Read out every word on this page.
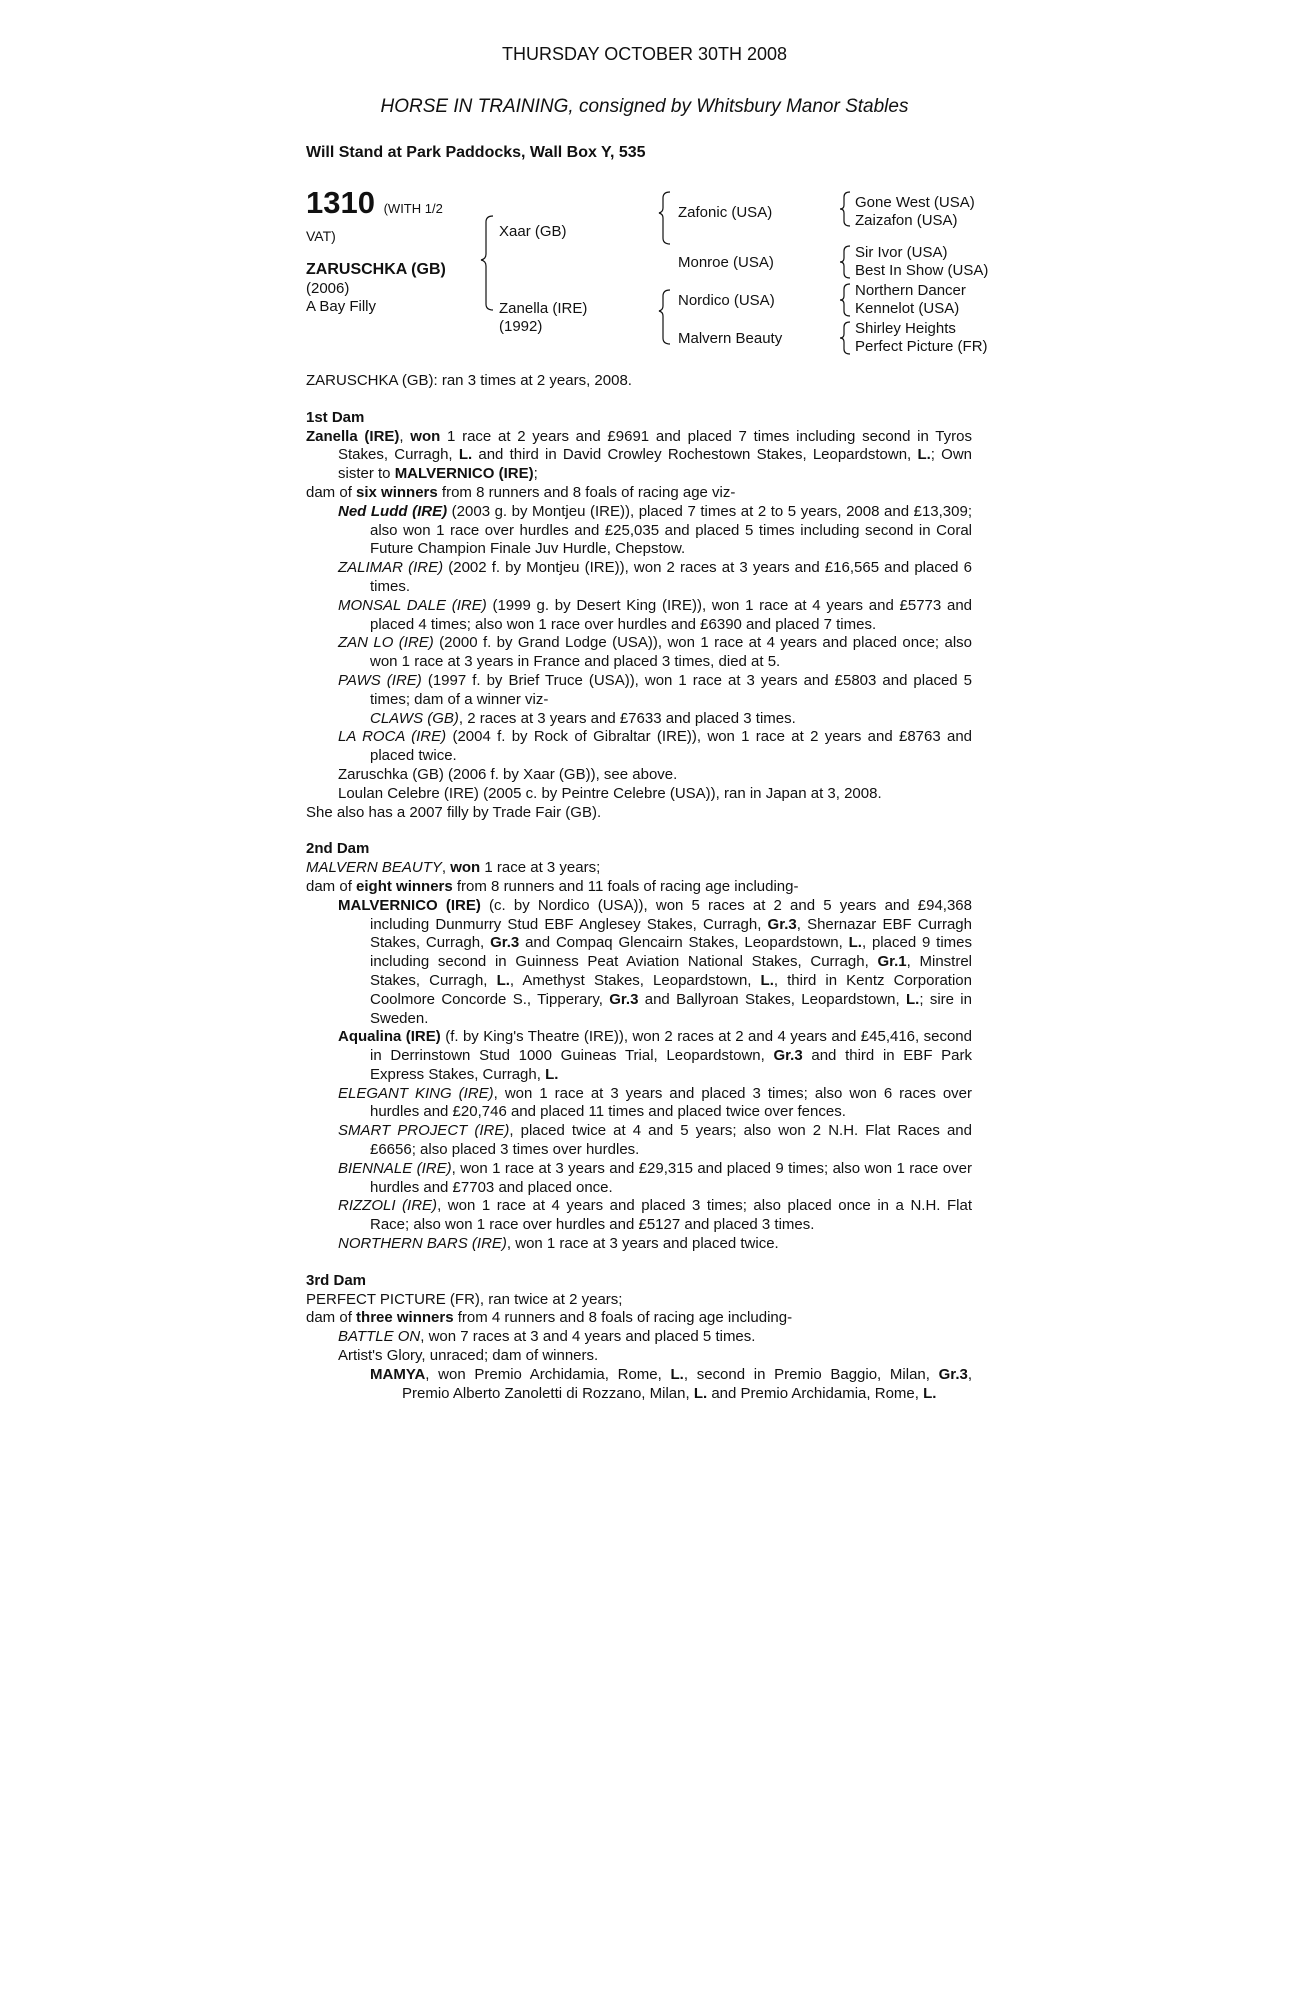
THURSDAY OCTOBER 30TH 2008
HORSE IN TRAINING, consigned by Whitsbury Manor Stables
Will Stand at Park Paddocks, Wall Box Y, 535
1310 (WITH 1/2
VAT)
ZARUSCHKA (GB)
(2006)
A Bay Filly
Xaar (GB)
Zanella (IRE)
(1992)
Zafonic (USA)
Monroe (USA)
Nordico (USA)
Malvern Beauty
Gone West (USA)
Zaizafon (USA)
Sir Ivor (USA)
Best In Show (USA)
Northern Dancer
Kennelot (USA)
Shirley Heights
Perfect Picture (FR)
ZARUSCHKA (GB): ran 3 times at 2 years, 2008.
1st Dam
Zanella (IRE), won 1 race at 2 years and £9691 and placed 7 times including second in Tyros Stakes, Curragh, L. and third in David Crowley Rochestown Stakes, Leopardstown, L.; Own sister to MALVERNICO (IRE);
dam of six winners from 8 runners and 8 foals of racing age viz-
Ned Ludd (IRE) (2003 g. by Montjeu (IRE)), placed 7 times at 2 to 5 years, 2008 and £13,309; also won 1 race over hurdles and £25,035 and placed 5 times including second in Coral Future Champion Finale Juv Hurdle, Chepstow.
ZALIMAR (IRE) (2002 f. by Montjeu (IRE)), won 2 races at 3 years and £16,565 and placed 6 times.
MONSAL DALE (IRE) (1999 g. by Desert King (IRE)), won 1 race at 4 years and £5773 and placed 4 times; also won 1 race over hurdles and £6390 and placed 7 times.
ZAN LO (IRE) (2000 f. by Grand Lodge (USA)), won 1 race at 4 years and placed once; also won 1 race at 3 years in France and placed 3 times, died at 5.
PAWS (IRE) (1997 f. by Brief Truce (USA)), won 1 race at 3 years and £5803 and placed 5 times; dam of a winner viz-
CLAWS (GB), 2 races at 3 years and £7633 and placed 3 times.
LA ROCA (IRE) (2004 f. by Rock of Gibraltar (IRE)), won 1 race at 2 years and £8763 and placed twice.
Zaruschka (GB) (2006 f. by Xaar (GB)), see above.
Loulan Celebre (IRE) (2005 c. by Peintre Celebre (USA)), ran in Japan at 3, 2008.
She also has a 2007 filly by Trade Fair (GB).
2nd Dam
MALVERN BEAUTY, won 1 race at 3 years;
dam of eight winners from 8 runners and 11 foals of racing age including-
MALVERNICO (IRE) (c. by Nordico (USA)), won 5 races at 2 and 5 years and £94,368 including Dunmurry Stud EBF Anglesey Stakes, Curragh, Gr.3, Shernazar EBF Curragh Stakes, Curragh, Gr.3 and Compaq Glencairn Stakes, Leopardstown, L., placed 9 times including second in Guinness Peat Aviation National Stakes, Curragh, Gr.1, Minstrel Stakes, Curragh, L., Amethyst Stakes, Leopardstown, L., third in Kentz Corporation Coolmore Concorde S., Tipperary, Gr.3 and Ballyroan Stakes, Leopardstown, L.; sire in Sweden.
Aqualina (IRE) (f. by King's Theatre (IRE)), won 2 races at 2 and 4 years and £45,416, second in Derrinstown Stud 1000 Guineas Trial, Leopardstown, Gr.3 and third in EBF Park Express Stakes, Curragh, L.
ELEGANT KING (IRE), won 1 race at 3 years and placed 3 times; also won 6 races over hurdles and £20,746 and placed 11 times and placed twice over fences.
SMART PROJECT (IRE), placed twice at 4 and 5 years; also won 2 N.H. Flat Races and £6656; also placed 3 times over hurdles.
BIENNALE (IRE), won 1 race at 3 years and £29,315 and placed 9 times; also won 1 race over hurdles and £7703 and placed once.
RIZZOLI (IRE), won 1 race at 4 years and placed 3 times; also placed once in a N.H. Flat Race; also won 1 race over hurdles and £5127 and placed 3 times.
NORTHERN BARS (IRE), won 1 race at 3 years and placed twice.
3rd Dam
PERFECT PICTURE (FR), ran twice at 2 years;
dam of three winners from 4 runners and 8 foals of racing age including-
BATTLE ON, won 7 races at 3 and 4 years and placed 5 times.
Artist's Glory, unraced; dam of winners.
MAMYA, won Premio Archidamia, Rome, L., second in Premio Baggio, Milan, Gr.3, Premio Alberto Zanoletti di Rozzano, Milan, L. and Premio Archidamia, Rome, L.
